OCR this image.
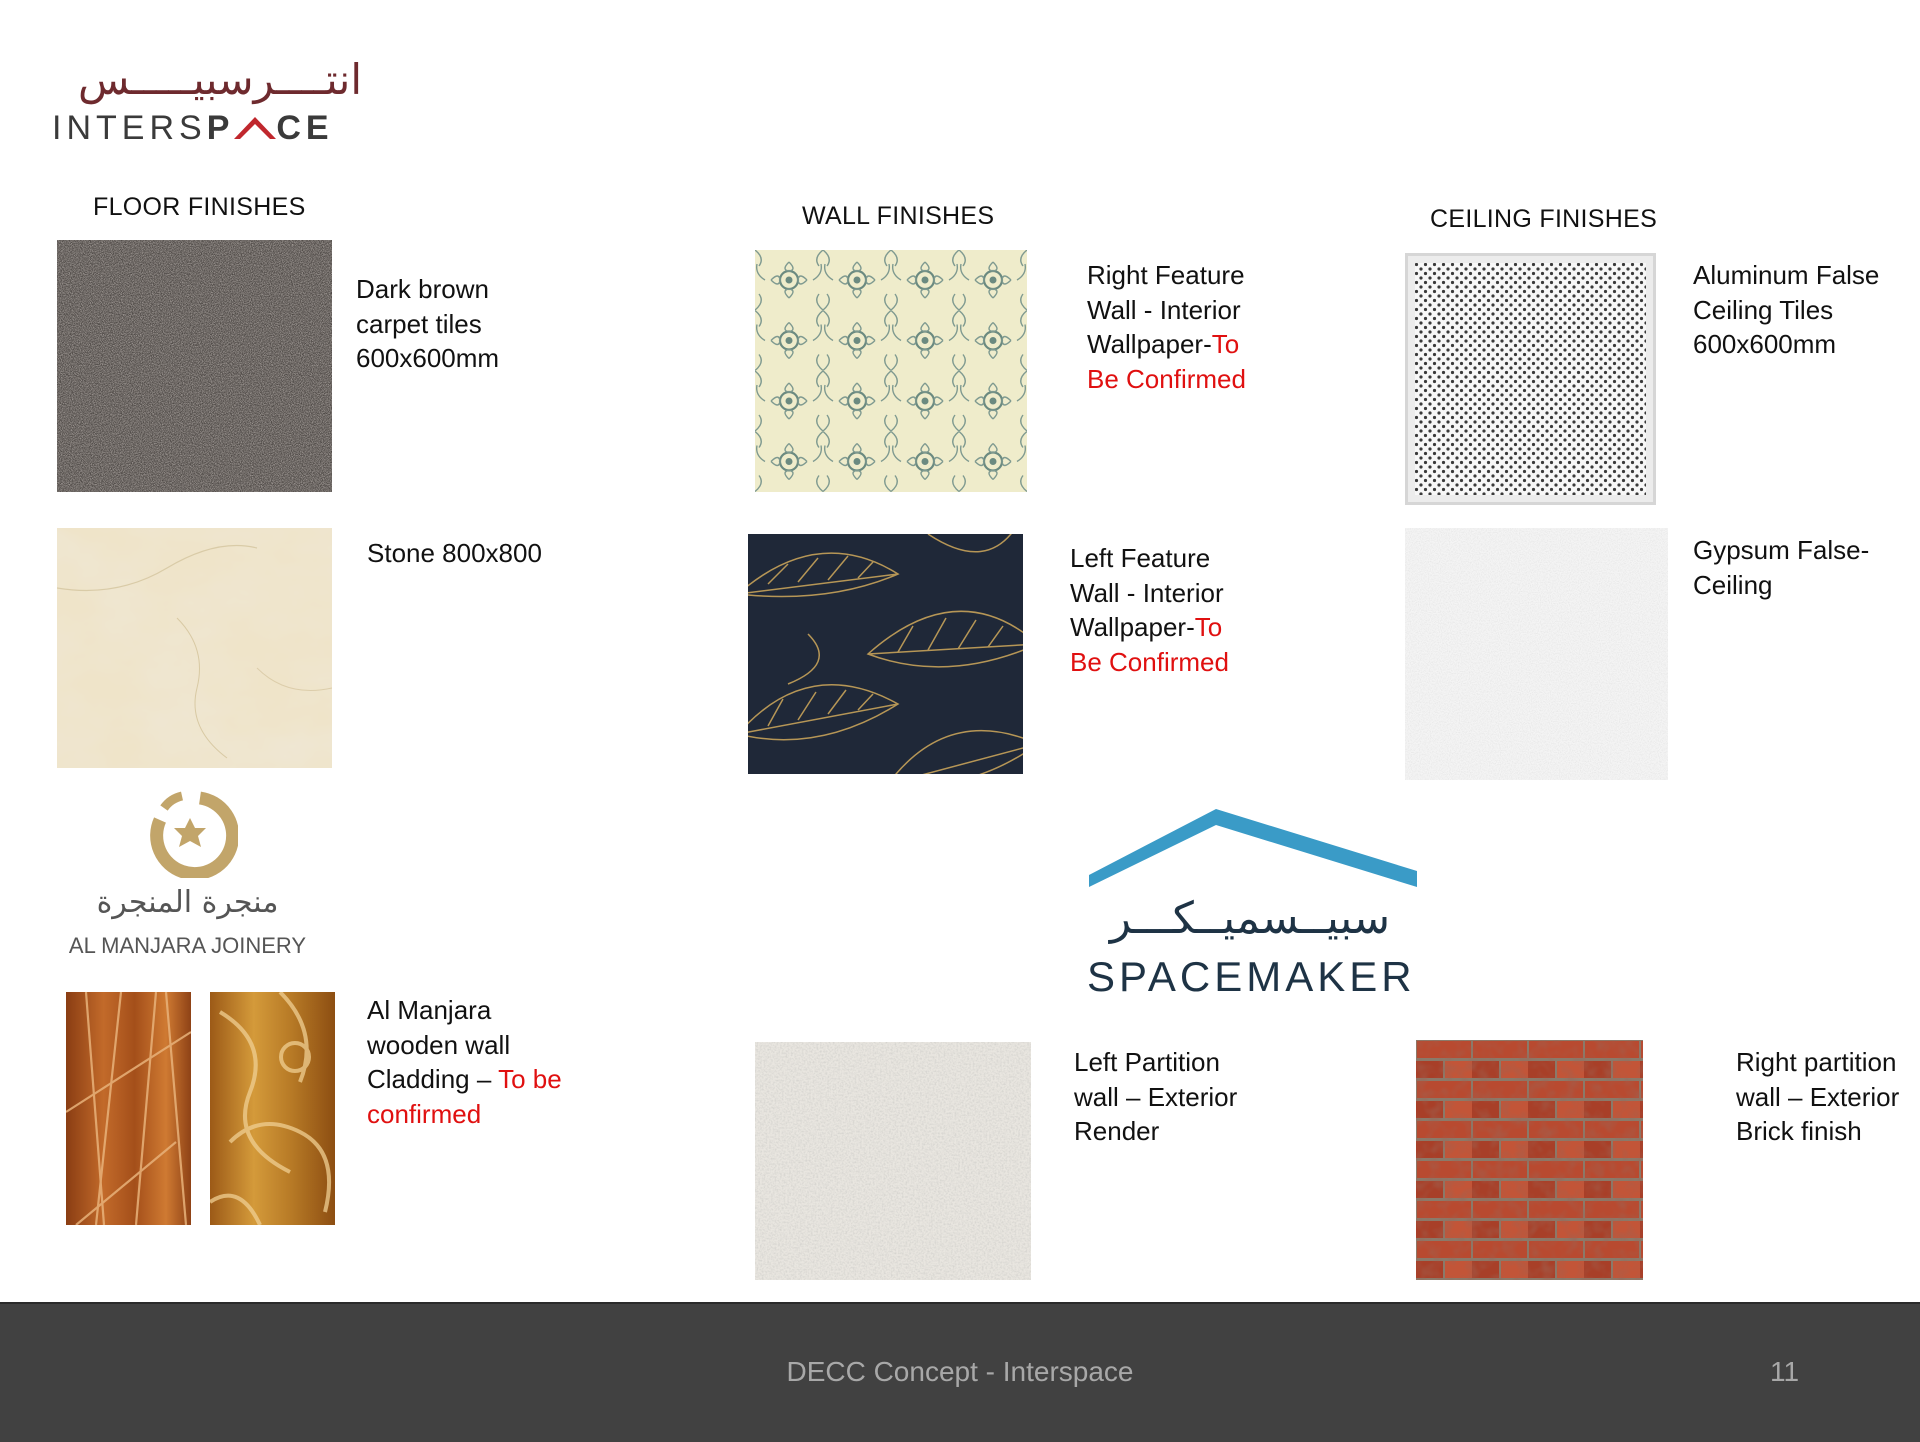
انتــــرسبيـــــس
INTERSP CE
FLOOR FINISHES	WALL FINISHES	CEILING FINISHES
Dark brown
carpet tiles
600x600mm
Stone 800x800
منجرة المنجرة
AL MANJARA JOINERY
Al Manjara
wooden wall
Cladding – To be
confirmed
Right Feature
Wall - Interior
Wallpaper-To
Be Confirmed
Left Feature
Wall - Interior
Wallpaper-To
Be Confirmed
Aluminum False
Ceiling Tiles
600x600mm
Gypsum False-
Ceiling
سبيــسميــكـــر
SPACEMAKER
Left Partition
wall – Exterior
Render
Right partition
wall – Exterior
Brick finish
DECC Concept - Interspace	11
